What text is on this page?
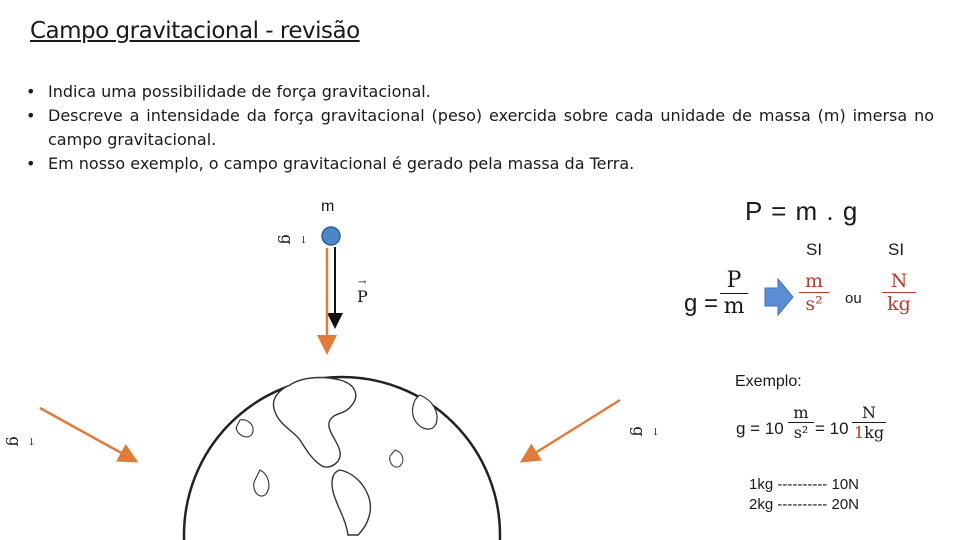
Campo gravitacional - revisão
• Indica uma possibilidade de força gravitacional.
• Descreve a intensidade da força gravitacional (peso) exercida sobre cada unidade de massa (m) imersa no campo gravitacional.
• Em nosso exemplo, o campo gravitacional é gerado pela massa da Terra.
m
→
g
→
g
→
g
→
P
P = m . g
SI	SI
$g = \frac{P}{m}$	$\frac{m}{\text{s²}}$ ou $\frac{N}{kg}$
Exemplo:
$g = 10 \frac{m}{\text{s²}} = 10 \frac{N}{1kg}$
1kg ---------- 10N
2kg ---------- 20N
